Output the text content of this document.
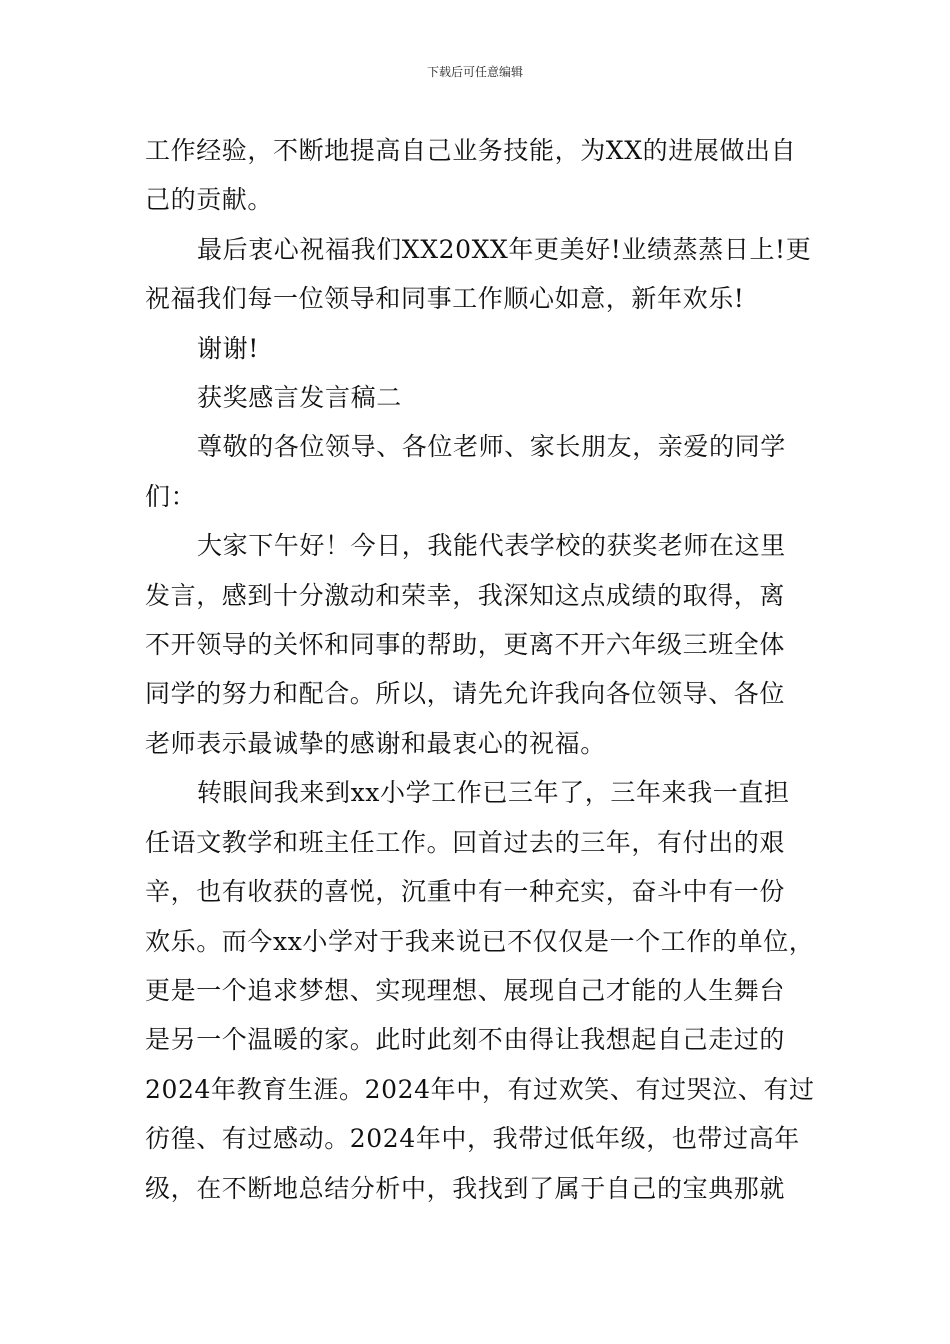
下载后可任意编辑

工作经验，不断地提高自己业务技能，为XX的进展做出自

己的贡献。

最后衷心祝福我们XX20XX年更美好!业绩蒸蒸日上!更

祝福我们每一位领导和同事工作顺心如意，新年欢乐!

谢谢!

获奖感言发言稿二

尊敬的各位领导、各位老师、家长朋友，亲爱的同学

们：

大家下午好！今日，我能代表学校的获奖老师在这里

发言，感到十分激动和荣幸，我深知这点成绩的取得，离

不开领导的关怀和同事的帮助，更离不开六年级三班全体

同学的努力和配合。所以，请先允许我向各位领导、各位

老师表示最诚挚的感谢和最衷心的祝福。

转眼间我来到xx小学工作已三年了，三年来我一直担

任语文教学和班主任工作。回首过去的三年，有付出的艰

辛，也有收获的喜悦，沉重中有一种充实，奋斗中有一份

欢乐。而今xx小学对于我来说已不仅仅是一个工作的单位，

更是一个追求梦想、实现理想、展现自己才能的人生舞台

是另一个温暖的家。此时此刻不由得让我想起自己走过的

2024年教育生涯。2024年中，有过欢笑、有过哭泣、有过

彷徨、有过感动。2024年中，我带过低年级，也带过高年

级，在不断地总结分析中，我找到了属于自己的宝典那就
